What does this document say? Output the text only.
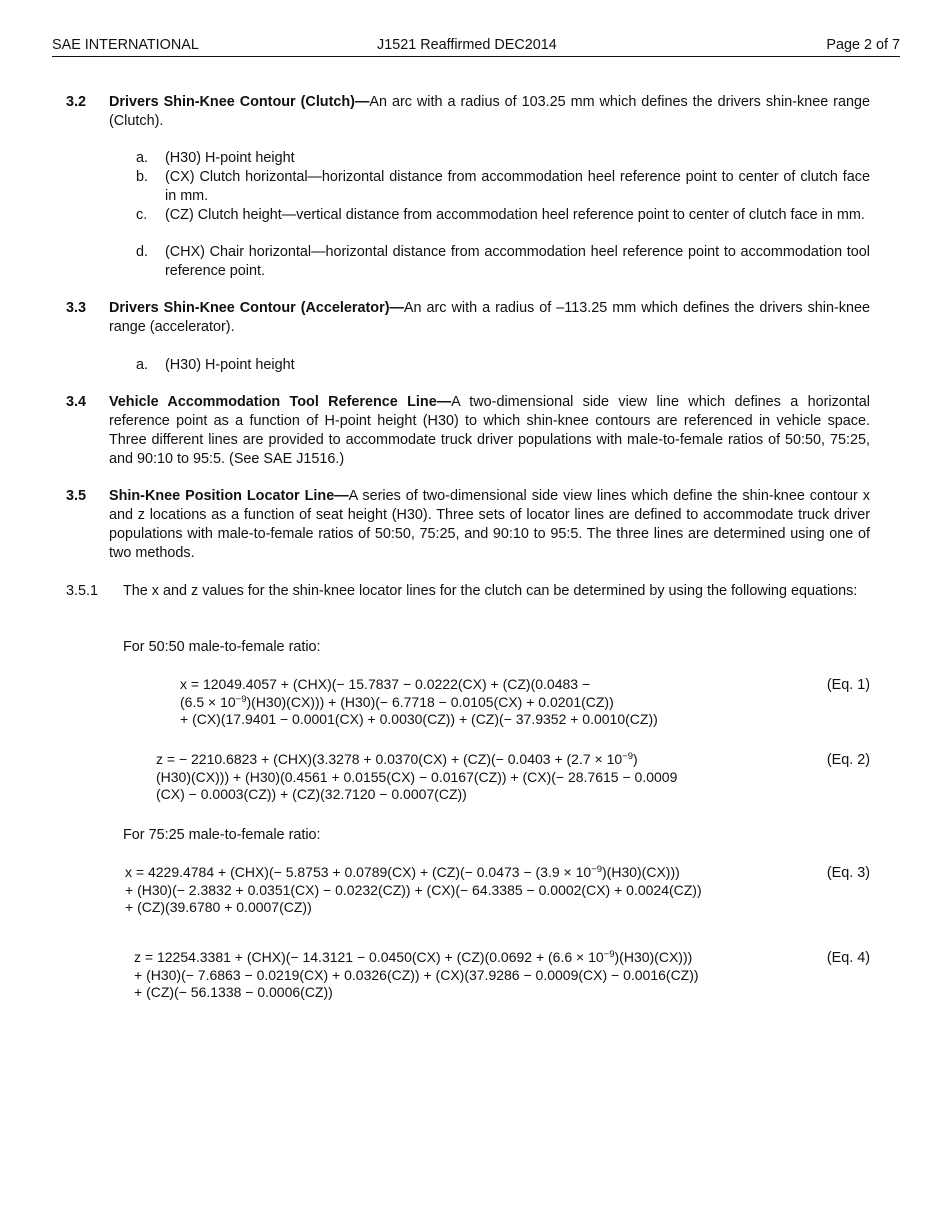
SAE INTERNATIONAL	J1521 Reaffirmed DEC2014	Page 2 of 7
3.2 Drivers Shin-Knee Contour (Clutch)—An arc with a radius of 103.25 mm which defines the drivers shin-knee range (Clutch).
a. (H30) H-point height
b. (CX) Clutch horizontal—horizontal distance from accommodation heel reference point to center of clutch face in mm.
c. (CZ) Clutch height—vertical distance from accommodation heel reference point to center of clutch face in mm.
d. (CHX) Chair horizontal—horizontal distance from accommodation heel reference point to accommodation tool reference point.
3.3 Drivers Shin-Knee Contour (Accelerator)—An arc with a radius of –113.25 mm which defines the drivers shin-knee range (accelerator).
a. (H30) H-point height
3.4 Vehicle Accommodation Tool Reference Line—A two-dimensional side view line which defines a horizontal reference point as a function of H-point height (H30) to which shin-knee contours are referenced in vehicle space. Three different lines are provided to accommodate truck driver populations with male-to-female ratios of 50:50, 75:25, and 90:10 to 95:5. (See SAE J1516.)
3.5 Shin-Knee Position Locator Line—A series of two-dimensional side view lines which define the shin-knee contour x and z locations as a function of seat height (H30). Three sets of locator lines are defined to accommodate truck driver populations with male-to-female ratios of 50:50, 75:25, and 90:10 to 95:5. The three lines are determined using one of two methods.
3.5.1 The x and z values for the shin-knee locator lines for the clutch can be determined by using the following equations:
For 50:50 male-to-female ratio:
x = 12049.4057 + (CHX)(− 15.7837 − 0.0222(CX) + (CZ)(0.0483 −
$(6.5 \times 10^{-9})(H30)(CX))) + (H30)(- 6.7718 - 0.0105(CX) + 0.0201(CZ))$
+ (CX)(17.9401 − 0.0001(CX) + 0.0030(CZ)) + (CZ)(− 37.9352 + 0.0010(CZ))
(Eq. 1)
z = − $2210.6823 + (CHX)(3.3278 + 0.0370(CX) + (CZ)(- 0.0403 + (2.7 \times 10^{-9})$
(H30)(CX))) + (H30)(0.4561 + 0.0155(CX) − 0.0167(CZ)) + (CX)(− 28.7615 − 0.0009
(CX) − 0.0003(CZ)) + (CZ)(32.7120 − 0.0007(CZ))
(Eq. 2)
For 75:25 male-to-female ratio:
$x = 4229.4784 + (CHX)(- 5.8753 + 0.0789(CX) + (CZ)(- 0.0473 - (3.9 \times 10^{-9})(H30)(CX)))$
+ (H30)(− 2.3832 + 0.0351(CX) − 0.0232(CZ)) + (CX)(− 64.3385 − 0.0002(CX) + 0.0024(CZ))
+ (CZ)(39.6780 + 0.0007(CZ))
(Eq. 3)
$z = 12254.3381 + (CHX)(- 14.3121 - 0.0450(CX) + (CZ)(0.0692 + (6.6 \times 10^{-9})(H30)(CX)))$
+ (H30)(− 7.6863 − 0.0219(CX) + 0.0326(CZ)) + (CX)(37.9286 − 0.0009(CX) − 0.0016(CZ))
+ (CZ)(− 56.1338 − 0.0006(CZ))
(Eq. 4)
